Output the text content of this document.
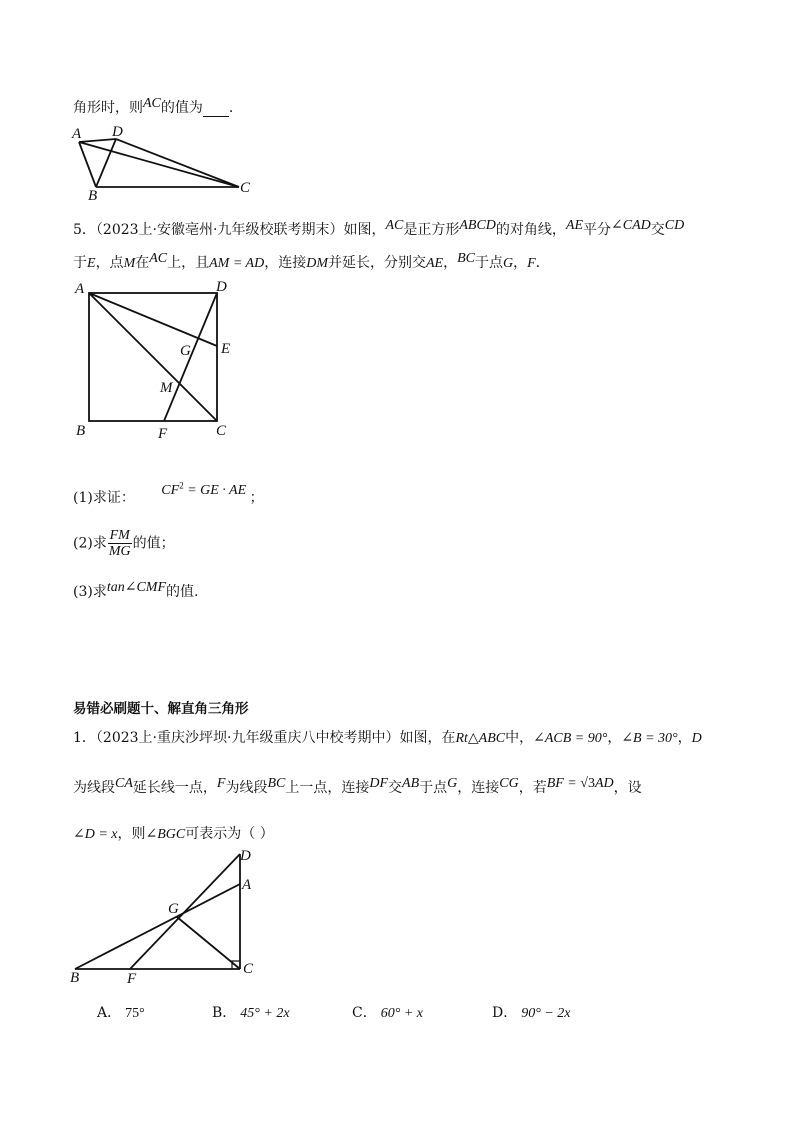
角形时，则AC的值为 .
A D
B	C
5．（2023上·安徽亳州·九年级校联考期末）如图，AC是正方形ABCD的对角线，AE平分∠CAD交CD
于E，点M在AC上，且AM = AD，连接DM并延长，分别交AE，BC于点G，F.
A	D
G E
M
B	F	C
(1)求证： $CF^2$ = GE · AE ；
(2)求 $\frac{FM}{MG}$ 的值；
(3)求tan∠CMF的值.
易错必刷题十、解直角三角形
1．（2023上·重庆沙坪坝·九年级重庆八中校考期中）如图，在Rt△ABC中，∠ACB = 90°，∠B = 30°，D
为线段CA延长线一点，F为线段BC上一点，连接DF交AB于点G，连接CG，若BF = √3AD，设
∠D = x，则∠BGC可表示为（ ）
D
A
G
B	F
C
A． 75°	B． 45° + 2x	C． 60° + x	D． 90° − 2x
